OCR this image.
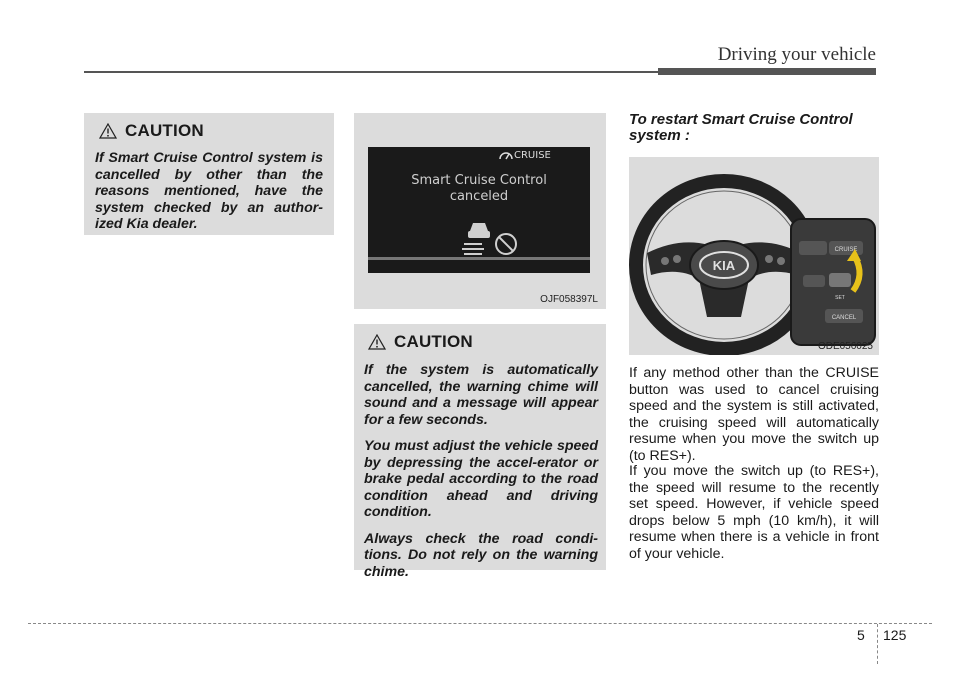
Driving your vehicle
CAUTION

If Smart Cruise Control system is cancelled by other than the reasons mentioned, have the system checked by an author-ized Kia dealer.

CRUISE
Smart Cruise Control
canceled
OJF058397L
CAUTION

If the system is automatically cancelled, the warning chime will sound and a message will appear for a few seconds.

You must adjust the vehicle speed by depressing the accel-erator or brake pedal according to the road condition ahead and driving condition.

Always check the road condi-tions. Do not rely on the warning chime.

To restart Smart Cruise Control system :
KIA
CRUISE
SET
CANCEL
ODE056025

If any method other than the CRUISE button was used to cancel cruising speed and the system is still activated, the cruising speed will automatically resume when you move the switch up (to RES+).

If you move the switch up (to RES+), the speed will resume to the recently set speed. However, if vehicle speed drops below 5 mph (10 km/h), it will resume when there is a vehicle in front of your vehicle.

5 125
